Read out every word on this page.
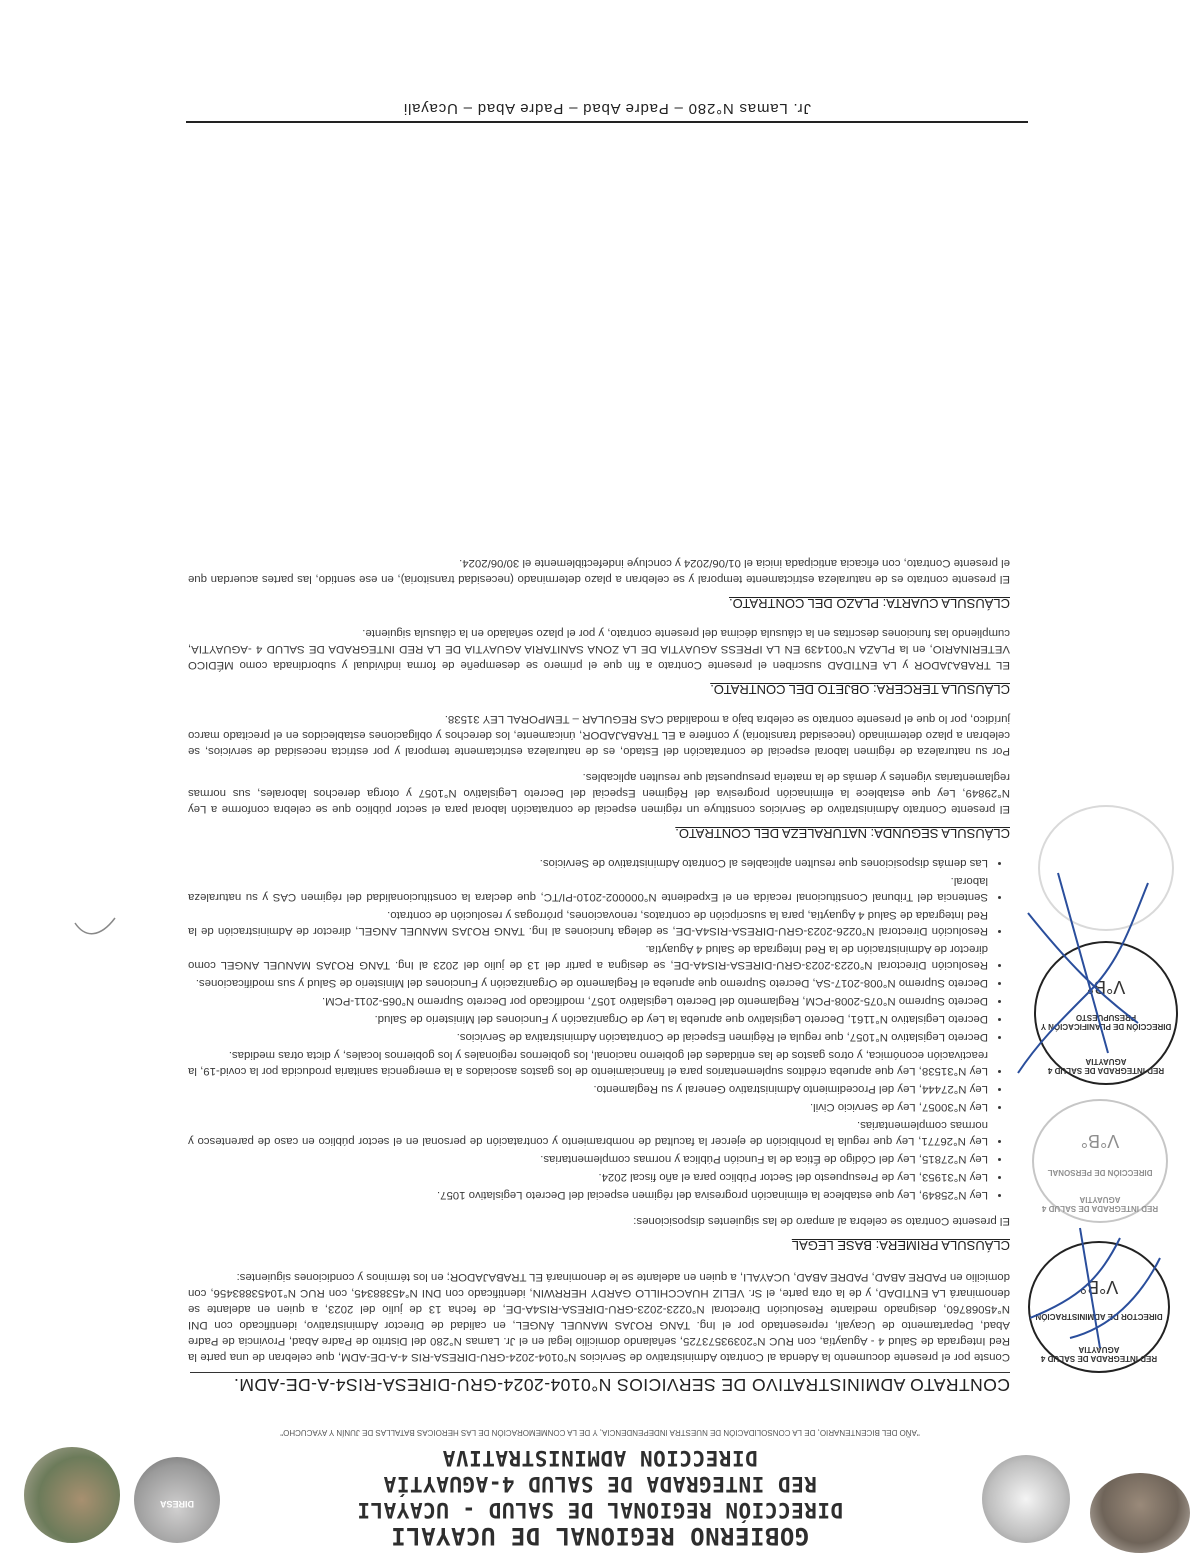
DIRESA

GOBIERNO REGIONAL DE UCAYALI

DIRECCIÓN REGIONAL DE SALUD - UCAYALI

RED INTEGRADA DE SALUD 4-AGUAYTÍA

DIRECCION ADMINISTRATIVA

"AÑO DEL BICENTENARIO, DE LA CONSOLIDACIÓN DE NUESTRA INDEPENDENCIA, Y DE LA CONMEMORACIÓN DE LAS HEROICAS BATALLAS DE JUNÍN Y AYACUCHO"
CONTRATO ADMINISTRATIVO DE SERVICIOS N°0104-2024-GRU-DIRESA-RIS4-A-DE-ADM.

Conste por el presente documento la Adenda al Contrato Administrativo de Servicios N°0104-2024-GRU-DIRESA-RIS 4-A-DE-ADM, que celebran de una parte la Red Integrada de Salud 4 - Aguaytía, con RUC N°20393573725, señalando domicilio legal en el Jr. Lamas N°280 del Distrito de Padre Abad, Provincia de Padre Abad, Departamento de Ucayali, representado por el Ing. TANG ROJAS MANUEL ÁNGEL, en calidad de Director Administrativo, identificado con DNI N°45068760, designado mediante Resolución Directoral N°0223-2023-GRU-DIRESA-RIS4A-DE, de fecha 13 de julio del 2023, a quien en adelante se denominará LA ENTIDAD, y de la otra parte, el Sr. VELIZ HUACCHILLO GARDY HERRWIN, identificado con DNI N°45388345, con RUC N°10453883456, con domicilio en PADRE ABAD, PADRE ABAD, UCAYALI, a quien en adelante se le denominará EL TRABAJADOR; en los términos y condiciones siguientes:

CLÁUSULA PRIMERA: BASE LEGAL

El presente Contrato se celebra al amparo de las siguientes disposiciones:

• Ley N°25849, Ley que establece la eliminación progresiva del régimen especial del Decreto Legislativo 1057.
• Ley N°31953, Ley de Presupuesto del Sector Público para el año fiscal 2024.
• Ley N°27815, Ley del Código de Ética de la Función Pública y normas complementarias.
• Ley N°26771, Ley que regula la prohibición de ejercer la facultad de nombramiento y contratación de personal en el sector público en caso de parentesco y normas complementarias.
• Ley N°30057, Ley de Servicio Civil.
• Ley N°27444, Ley del Procedimiento Administrativo General y su Reglamento.
• Ley N°31538, Ley que aprueba créditos suplementarios para el financiamiento de los gastos asociados a la emergencia sanitaria producida por la covid-19, la reactivación económica, y otros gastos de las entidades del gobierno nacional, los gobiernos regionales y los gobiernos locales, y dicta otras medidas.
• Decreto Legislativo N°1057, que regula el Régimen Especial de Contratación Administrativa de Servicios.
• Decreto Legislativo N°1161, Decreto Legislativo que aprueba la Ley de Organización y Funciones del Ministerio de Salud.
• Decreto Supremo N°075-2008-PCM, Reglamento del Decreto Legislativo 1057, modificado por Decreto Supremo N°065-2011-PCM.
• Decreto Supremo N°008-2017-SA, Decreto Supremo que aprueba el Reglamento de Organización y Funciones del Ministerio de Salud y sus modificaciones.
• Resolución Directoral N°0223-2023-GRU-DIRESA-RIS4A-DE, se designa a partir del 13 de julio del 2023 al Ing. TANG ROJAS MANUEL ANGEL como director de Administración de la Red Integrada de Salud 4 Aguaytía.
• Resolución Directoral N°0226-2023-GRU-DIRESA-RIS4A-DE, se delega funciones al Ing. TANG ROJAS MANUEL ANGEL, director de Administración de la Red Integrada de Salud 4 Aguaytía, para la suscripción de contratos, renovaciones, prórrogas y resolución de contrato.
• Sentencia del Tribunal Constitucional recaída en el Expediente N°000002-2010-PI/TC, que declara la constitucionalidad del régimen CAS y su naturaleza laboral.
• Las demás disposiciones que resulten aplicables al Contrato Administrativo de Servicios.
CLÁUSULA SEGUNDA: NATURALEZA DEL CONTRATO.

El presente Contrato Administrativo de Servicios constituye un régimen especial de contratación laboral para el sector público que se celebra conforme a Ley N°29849, Ley que establece la eliminación progresiva del Régimen Especial del Decreto Legislativo N°1057 y otorga derechos laborales, sus normas reglamentarias vigentes y demás de la materia presupuestal que resulten aplicables.

Por su naturaleza de régimen laboral especial de contratación del Estado, es de naturaleza estrictamente temporal y por estricta necesidad de servicios, se celebran a plazo determinado (necesidad transitoria) y confiere a EL TRABAJADOR, únicamente, los derechos y obligaciones establecidos en el precitado marco jurídico, por lo que el presente contrato se celebra bajo a modalidad CAS REGULAR – TEMPORAL LEY 31538.

CLÁUSULA TERCERA: OBJETO DEL CONTRATO.

EL TRABAJADOR y LA ENTIDAD suscriben el presente Contrato a fin que el primero se desempeñe de forma individual y subordinada como MÉDICO VETERINARIO, en la PLAZA N°001439 EN LA IPRESS AGUAYTIA DE LA ZONA SANITARIA AGUAYTIA DE LA RED INTEGRADA DE SALUD 4 -AGUAYTIA, cumpliendo las funciones descritas en la cláusula décima del presente contrato, y por el plazo señalado en la cláusula siguiente.

CLÁUSULA CUARTA: PLAZO DEL CONTRATO.

El presente contrato es de naturaleza estrictamente temporal y se celebran a plazo determinado (necesidad transitoria), en ese sentido, las partes acuerdan que el presente Contrato, con eficacia anticipada inicia el 01/06/2024 y concluye indefectiblemente el 30/06/2024.

Jr. Lamas N°280 – Padre Abad – Padre Abad – Ucayali
RED INTEGRADA DE SALUD 4 AGUAYTIA
DIRECTOR DE ADMINISTRACIÓN
V°B°
RED INTEGRADA DE SALUD 4 AGUAYTIA
DIRECCIÓN DE PERSONAL
V°B°
RED INTEGRADA DE SALUD 4 AGUAYTIA
DIRECCIÓN DE PLANIFICACIÓN Y PRESUPUESTO
V°B°
